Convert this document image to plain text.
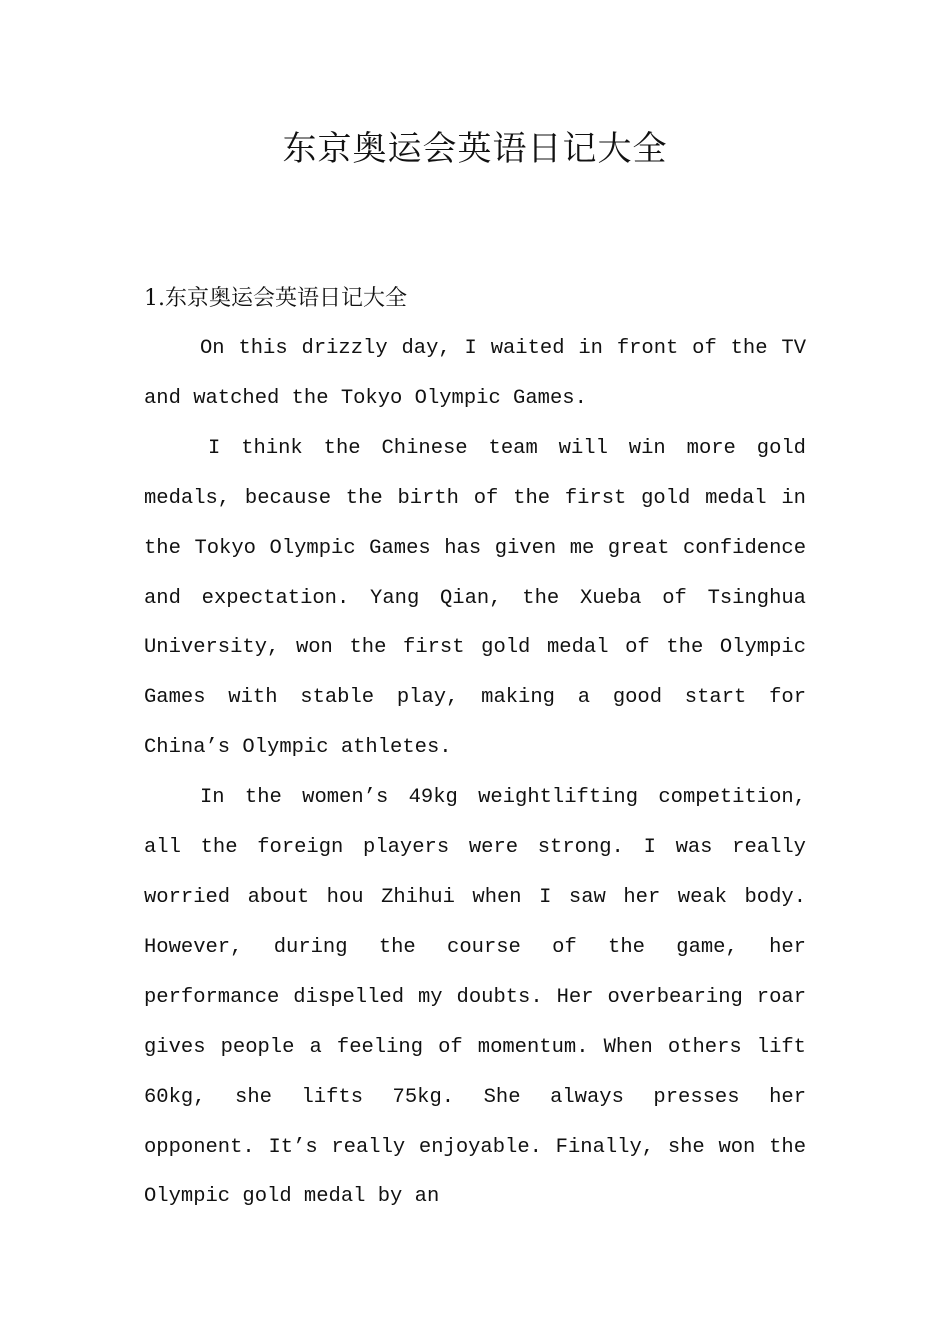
东京奥运会英语日记大全
1.东京奥运会英语日记大全

On this drizzly day, I waited in front of the TV and watched the Tokyo Olympic Games.

I think the Chinese team will win more gold medals, because the birth of the first gold medal in the Tokyo Olympic Games has given me great confidence and expectation. Yang Qian, the Xueba of Tsinghua University, won the first gold medal of the Olympic Games with stable play, making a good start for China’s Olympic athletes.

In the women’s 49kg weightlifting competition, all the foreign players were strong. I was really worried about hou Zhihui when I saw her weak body. However, during the course of the game, her performance dispelled my doubts. Her overbearing roar gives people a feeling of momentum. When others lift 60kg, she lifts 75kg. She always presses her opponent. It’s really enjoyable. Finally, she won the Olympic gold medal by an
